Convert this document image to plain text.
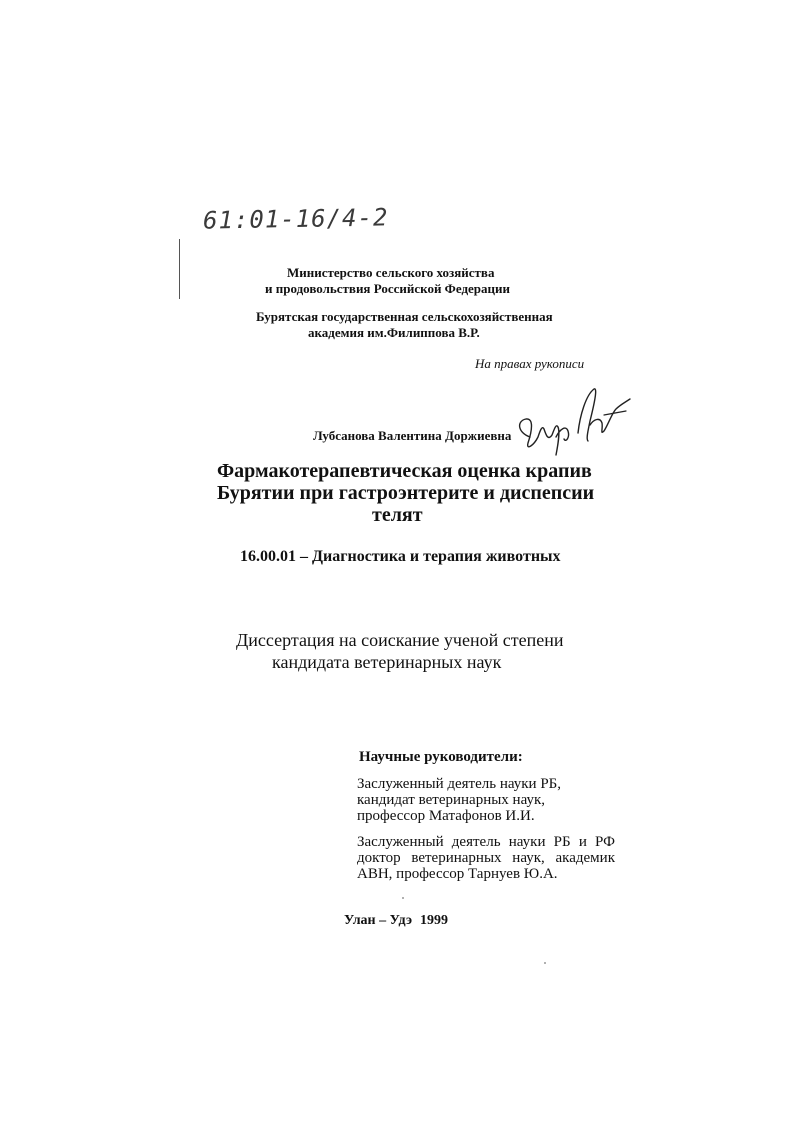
61:01-16/4-2
Министерство сельского хозяйства
и продовольствия Российской Федерации
Бурятская государственная сельскохозяйственная
академия им.Филиппова В.Р.
На правах рукописи
Лубсанова Валентина Доржиевна
Фармакотерапевтическая оценка крапив
Бурятии при гастроэнтерите и диспепсии
телят
16.00.01 – Диагностика и терапия животных
Диссертация на соискание ученой степени
кандидата ветеринарных наук
Научные руководители:
Заслуженный деятель науки РБ,
кандидат ветеринарных наук,
профессор Матафонов И.И.
Заслуженный деятель науки РБ и РФ
доктор ветеринарных наук, академик
АВН, профессор Тарнуев Ю.А.
Улан – Удэ 1999
